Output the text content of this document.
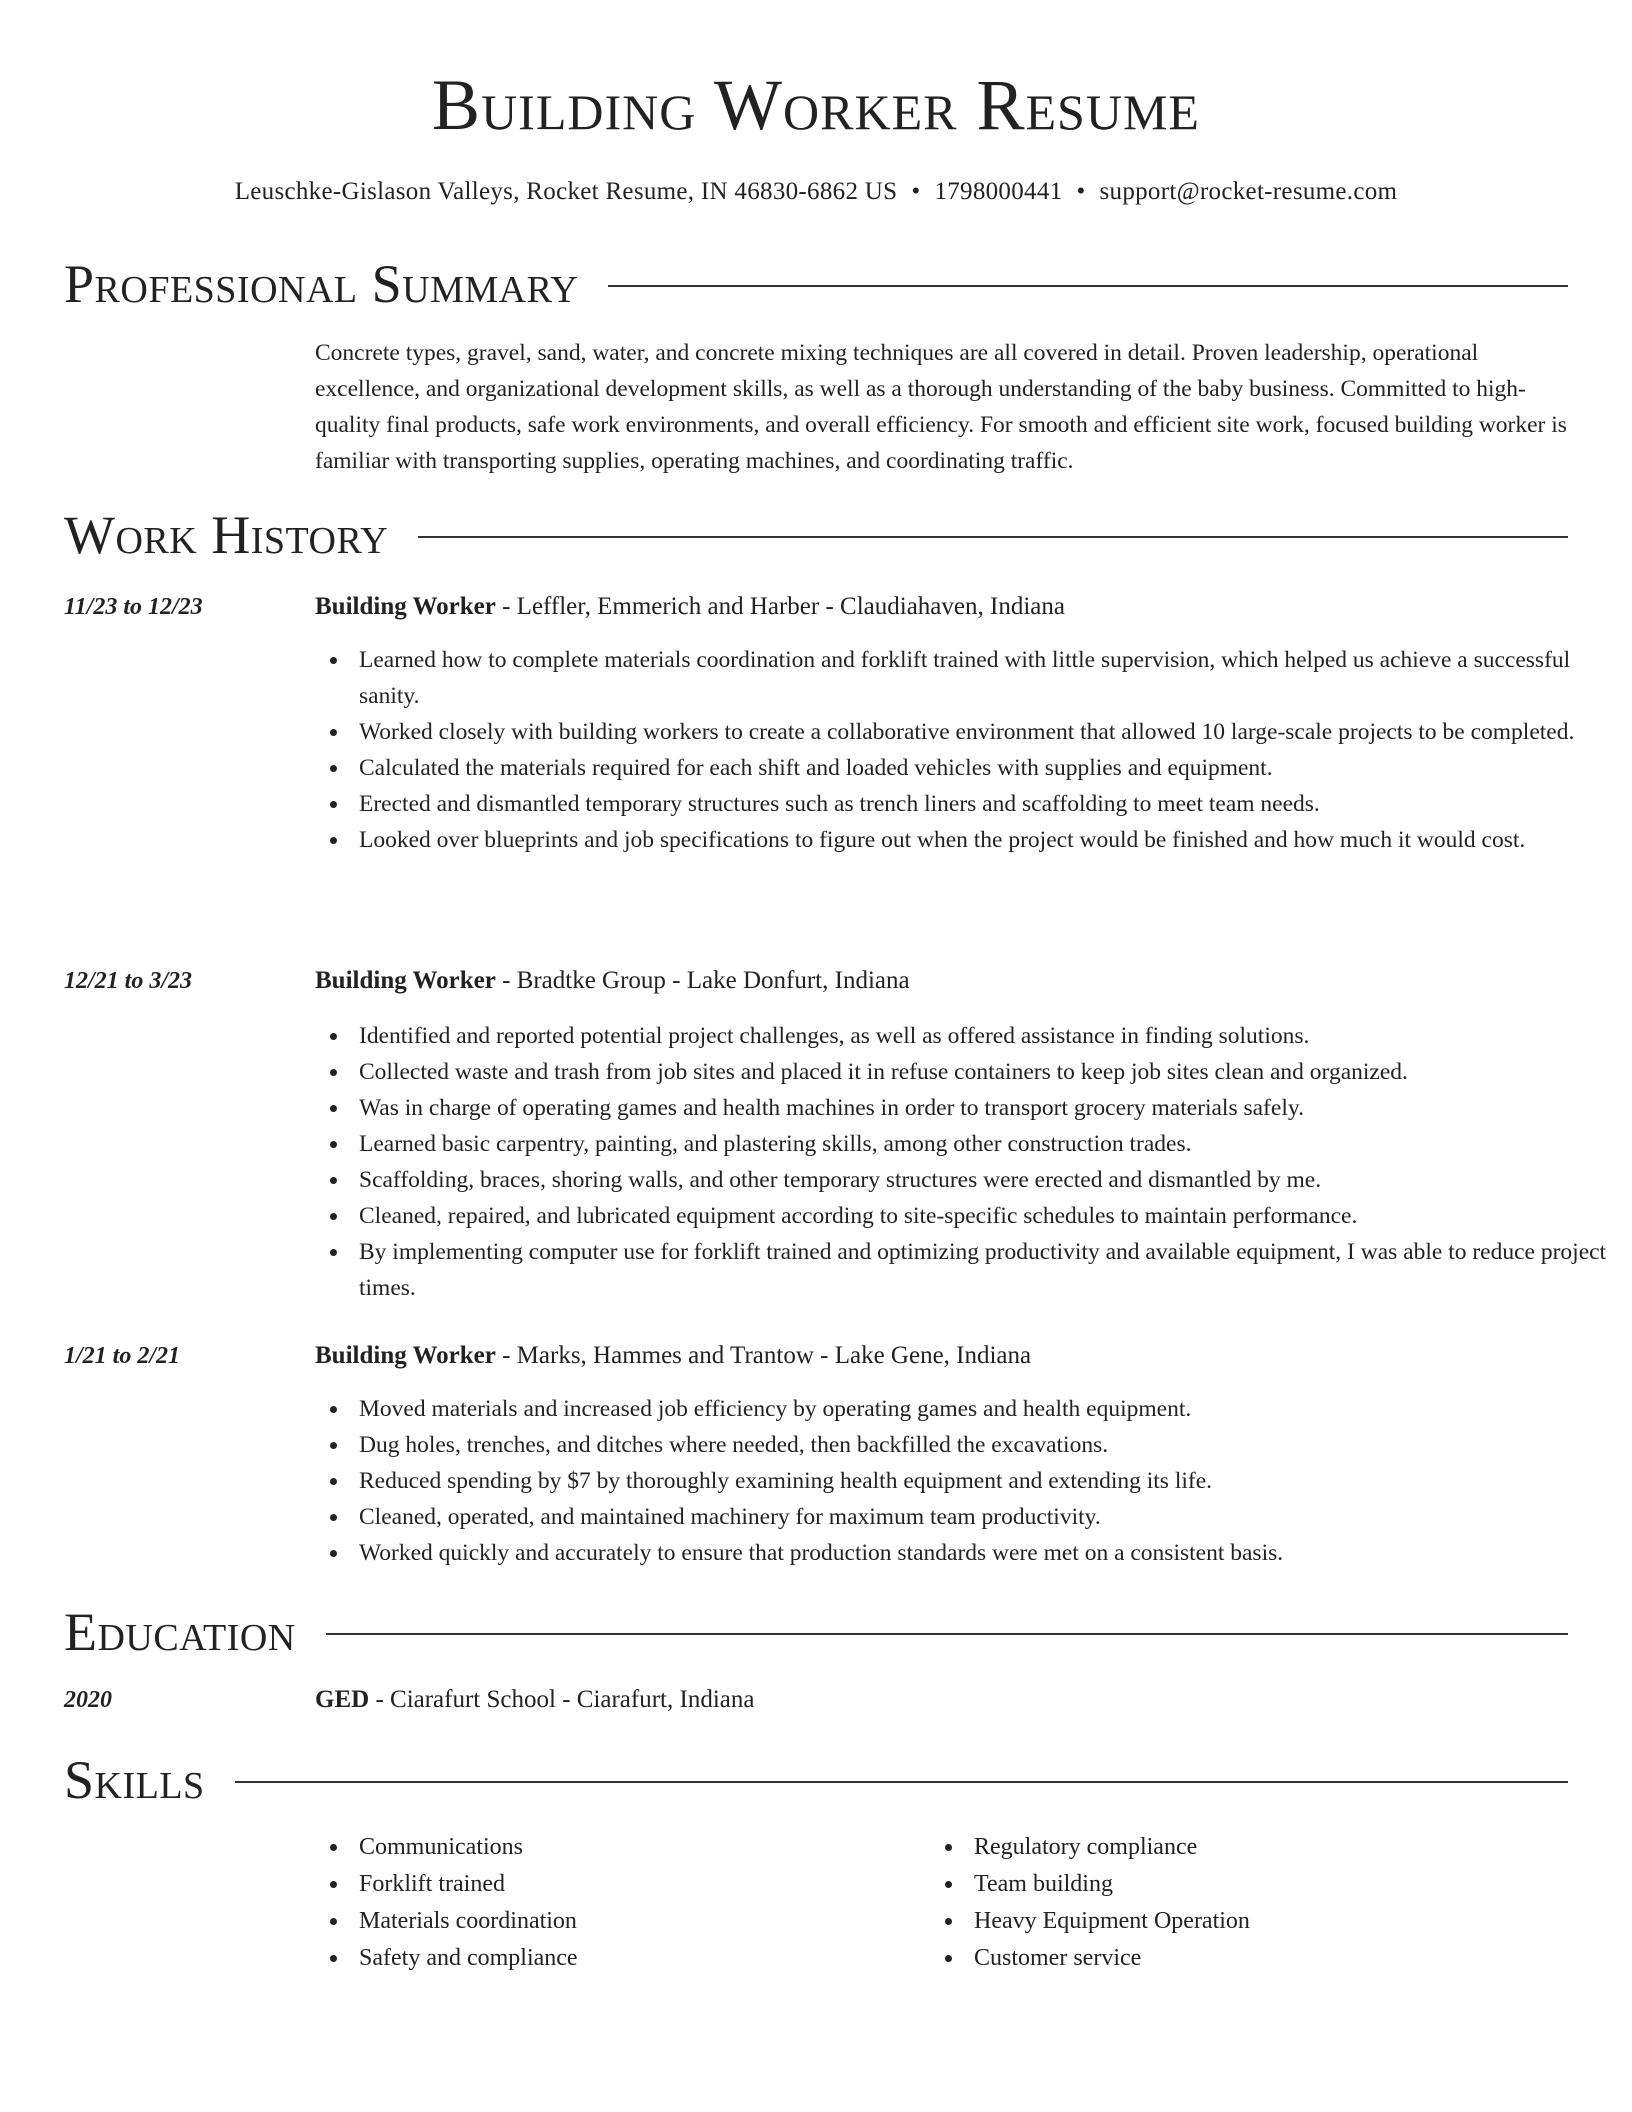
Building Worker Resume
Leuschke-Gislason Valleys, Rocket Resume, IN 46830-6862 US • 1798000441 • support@rocket-resume.com
Professional Summary

Concrete types, gravel, sand, water, and concrete mixing techniques are all covered in detail. Proven leadership, operational excellence, and organizational development skills, as well as a thorough understanding of the baby business. Committed to high-quality final products, safe work environments, and overall efficiency. For smooth and efficient site work, focused building worker is familiar with transporting supplies, operating machines, and coordinating traffic.

Work History
11/23 to 12/23	Building Worker - Leffler, Emmerich and Harber - Claudiahaven, Indiana
Learned how to complete materials coordination and forklift trained with little supervision, which helped us achieve a successful sanity.
Worked closely with building workers to create a collaborative environment that allowed 10 large-scale projects to be completed.
Calculated the materials required for each shift and loaded vehicles with supplies and equipment.
Erected and dismantled temporary structures such as trench liners and scaffolding to meet team needs.
Looked over blueprints and job specifications to figure out when the project would be finished and how much it would cost.
12/21 to 3/23	Building Worker - Bradtke Group - Lake Donfurt, Indiana
Identified and reported potential project challenges, as well as offered assistance in finding solutions.
Collected waste and trash from job sites and placed it in refuse containers to keep job sites clean and organized.
Was in charge of operating games and health machines in order to transport grocery materials safely.
Learned basic carpentry, painting, and plastering skills, among other construction trades.
Scaffolding, braces, shoring walls, and other temporary structures were erected and dismantled by me.
Cleaned, repaired, and lubricated equipment according to site-specific schedules to maintain performance.
By implementing computer use for forklift trained and optimizing productivity and available equipment, I was able to reduce project times.
1/21 to 2/21	Building Worker - Marks, Hammes and Trantow - Lake Gene, Indiana
Moved materials and increased job efficiency by operating games and health equipment.
Dug holes, trenches, and ditches where needed, then backfilled the excavations.
Reduced spending by $7 by thoroughly examining health equipment and extending its life.
Cleaned, operated, and maintained machinery for maximum team productivity.
Worked quickly and accurately to ensure that production standards were met on a consistent basis.
Education
2020	GED - Ciarafurt School - Ciarafurt, Indiana
Skills
Communications
Forklift trained
Materials coordination
Safety and compliance
Regulatory compliance
Team building
Heavy Equipment Operation
Customer service
